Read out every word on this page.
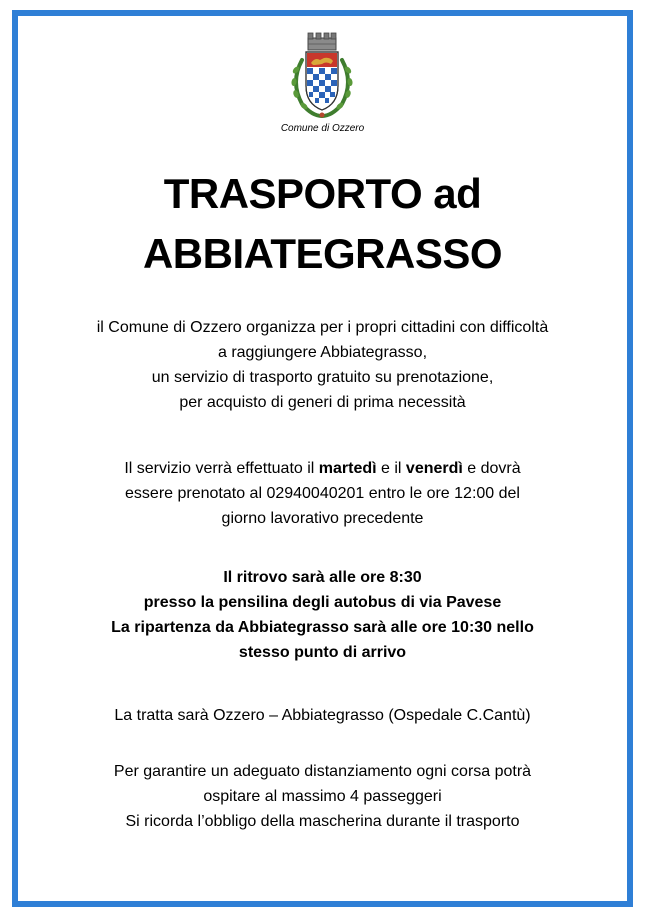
Comune di Ozzero
TRASPORTO ad
ABBIATEGRASSO
il Comune di Ozzero organizza per i propri cittadini con difficoltà
a raggiungere Abbiategrasso,
un servizio di trasporto gratuito su prenotazione,
per acquisto di generi di prima necessità
Il servizio verrà effettuato il martedì e il venerdì e dovrà
essere prenotato al 02940040201 entro le ore 12:00 del
giorno lavorativo precedente
Il ritrovo sarà alle ore 8:30
presso la pensilina degli autobus di via Pavese
La ripartenza da Abbiategrasso sarà alle ore 10:30 nello
stesso punto di arrivo
La tratta sarà Ozzero – Abbiategrasso (Ospedale C.Cantù)
Per garantire un adeguato distanziamento ogni corsa potrà
ospitare al massimo 4 passeggeri
Si ricorda l’obbligo della mascherina durante il trasporto
